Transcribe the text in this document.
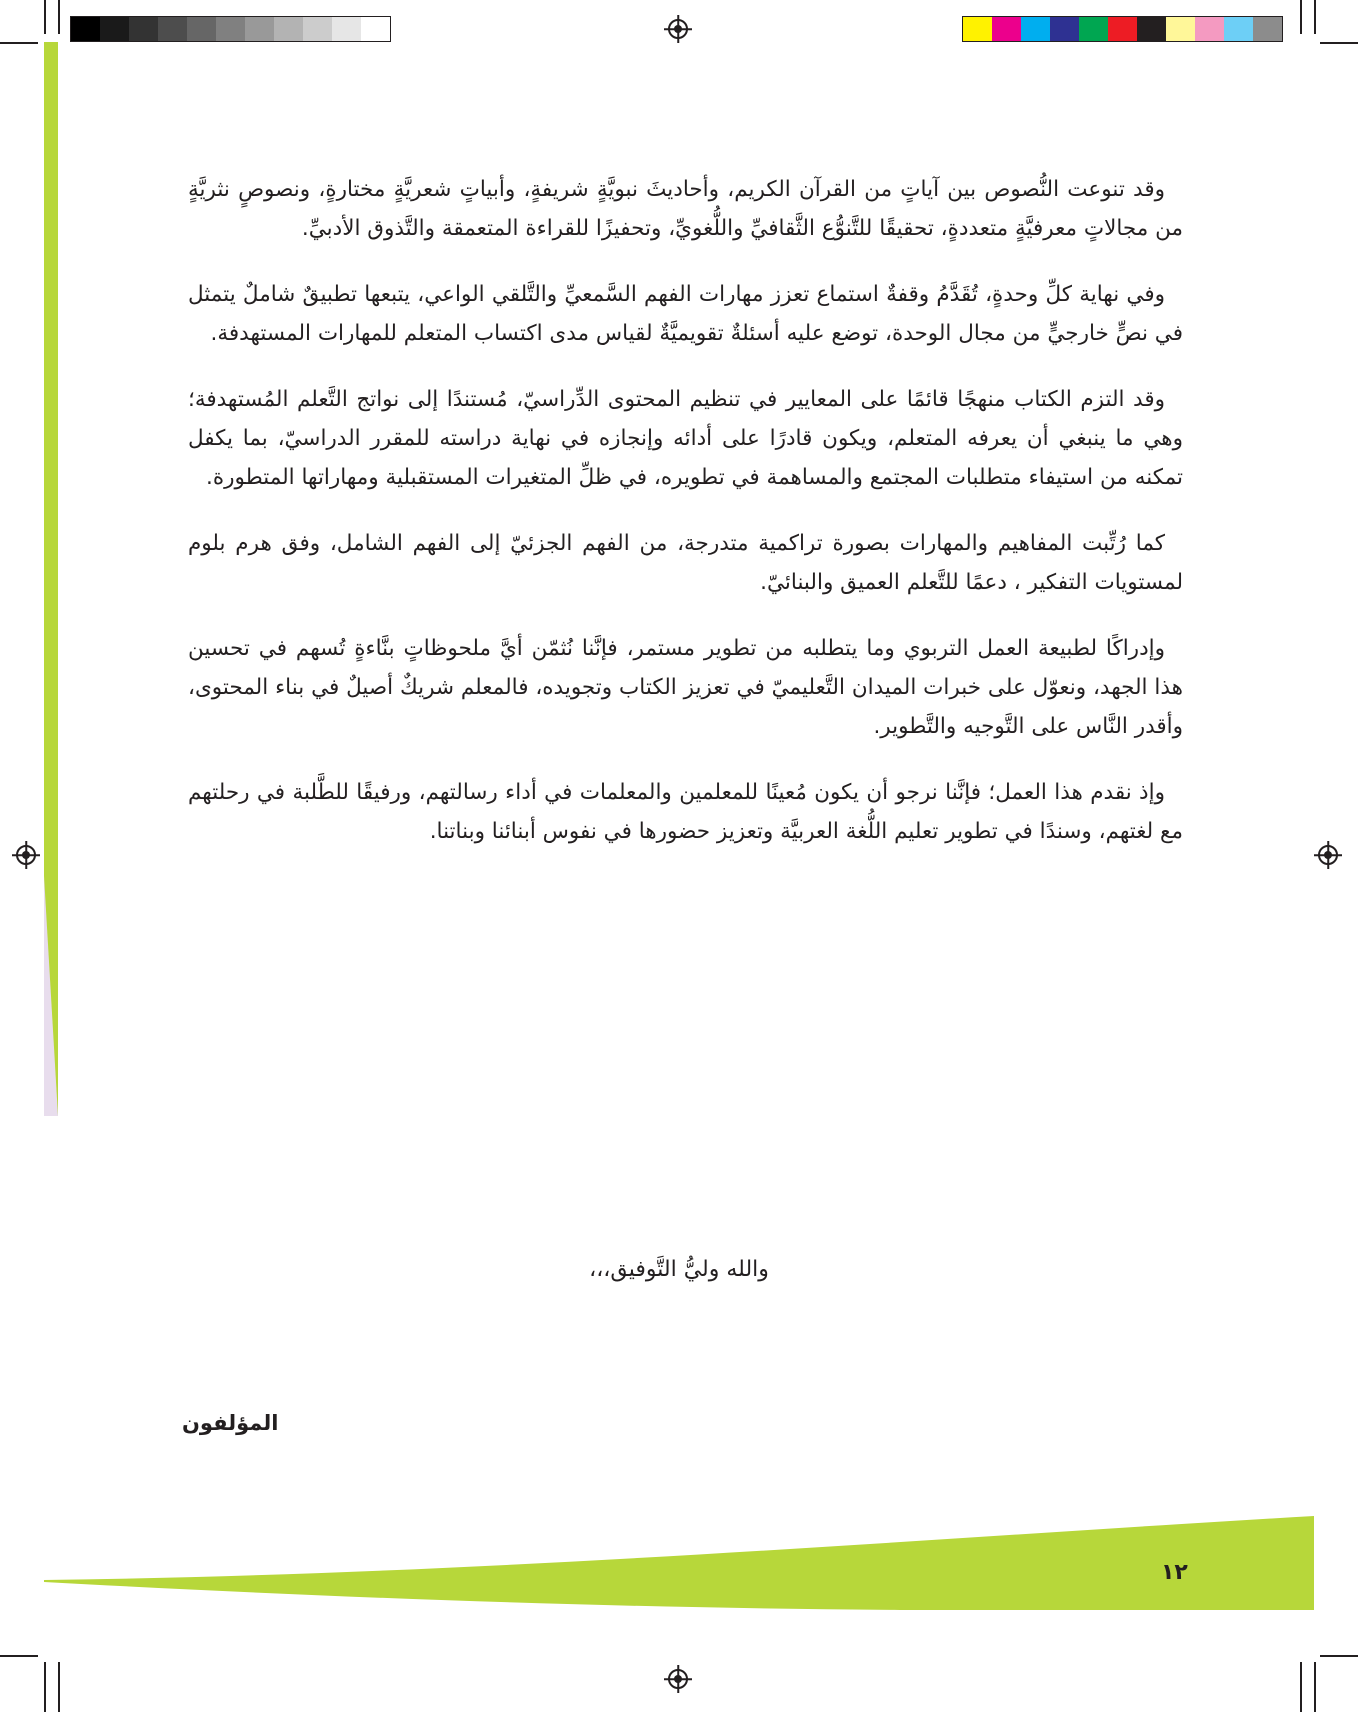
وقد تنوعت النُّصوص بين آياتٍ من القرآن الكريم، وأحاديثَ نبويَّةٍ شريفةٍ، وأبياتٍ شعريَّةٍ مختارةٍ، ونصوصٍ نثريَّةٍ من مجالاتٍ معرفيَّةٍ متعددةٍ، تحقيقًا للتَّنوُّع الثَّقافيِّ واللُّغويِّ، وتحفيزًا للقراءة المتعمقة والتَّذوق الأدبيِّ.

وفي نهاية كلِّ وحدةٍ، تُقَدَّمُ وقفةٌ استماع تعزز مهارات الفهم السَّمعيِّ والتَّلقي الواعي، يتبعها تطبيقٌ شاملٌ يتمثل في نصٍّ خارجيٍّ من مجال الوحدة، توضع عليه أسئلةٌ تقويميَّةٌ لقياس مدى اكتساب المتعلم للمهارات المستهدفة.

وقد التزم الكتاب منهجًا قائمًا على المعايير في تنظيم المحتوى الدِّراسيّ، مُستندًا إلى نواتج التَّعلم المُستهدفة؛ وهي ما ينبغي أن يعرفه المتعلم، ويكون قادرًا على أدائه وإنجازه في نهاية دراسته للمقرر الدراسيّ، بما يكفل تمكنه من استيفاء متطلبات المجتمع والمساهمة في تطويره، في ظلِّ المتغيرات المستقبلية ومهاراتها المتطورة.

كما رُتِّبت المفاهيم والمهارات بصورة تراكمية متدرجة، من الفهم الجزئيّ إلى الفهم الشامل، وفق هرم بلوم لمستويات التفكير ، دعمًا للتَّعلم العميق والبنائيّ.

وإدراكًا لطبيعة العمل التربوي وما يتطلبه من تطوير مستمر، فإنَّنا نُثمّن أيَّ ملحوظاتٍ بنَّاءةٍ تُسهم في تحسين هذا الجهد، ونعوّل على خبرات الميدان التَّعليميّ في تعزيز الكتاب وتجويده، فالمعلم شريكٌ أصيلٌ في بناء المحتوى، وأقدر النَّاس على التَّوجيه والتَّطوير.

وإذ نقدم هذا العمل؛ فإنَّنا نرجو أن يكون مُعينًا للمعلمين والمعلمات في أداء رسالتهم، ورفيقًا للطَّلبة في رحلتهم مع لغتهم، وسندًا في تطوير تعليم اللُّغة العربيَّة وتعزيز حضورها في نفوس أبنائنا وبناتنا.

والله وليُّ التَّوفيق،،،
المؤلفون
١٢
